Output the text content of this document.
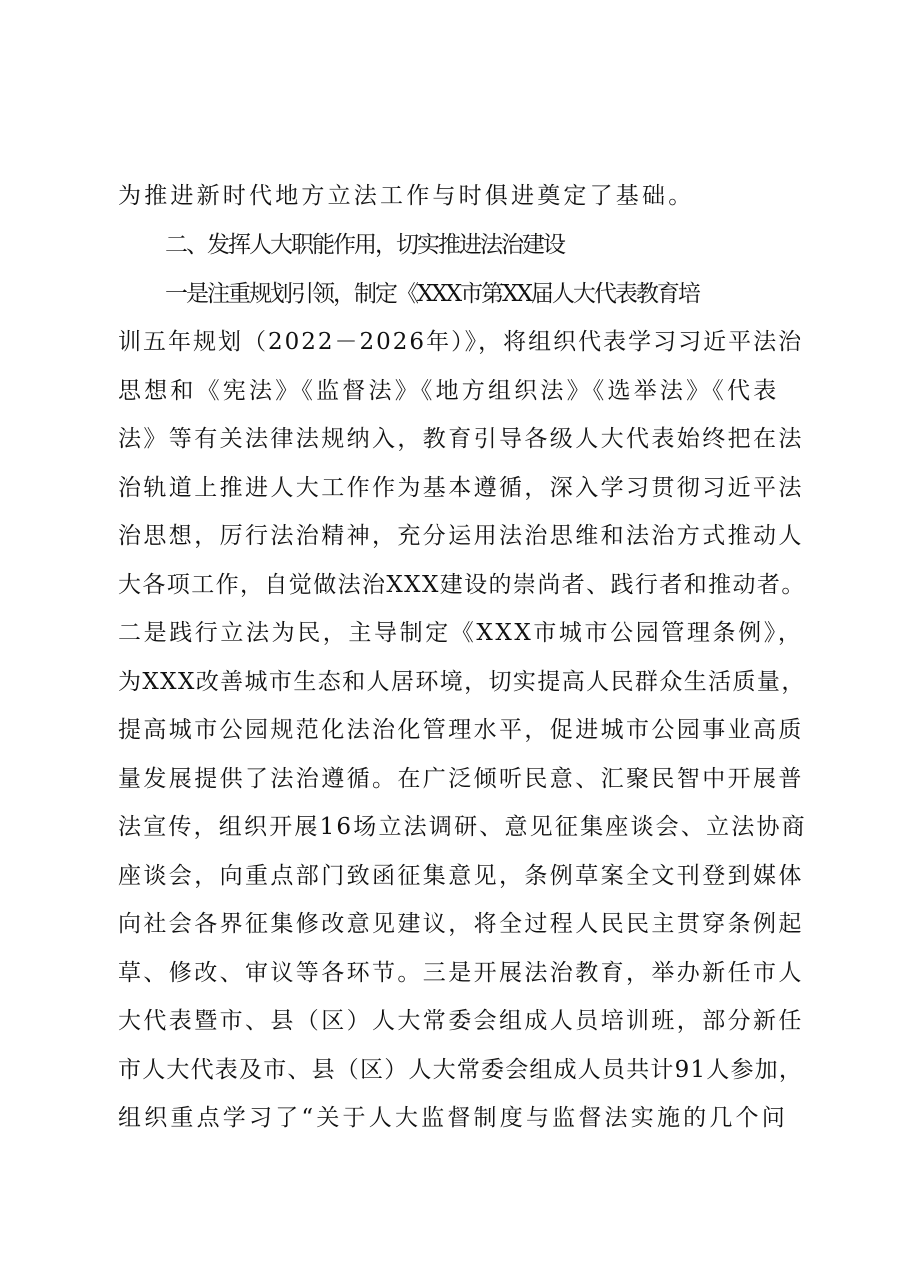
为推进新时代地方立法工作与时俱进奠定了基础。
二、发挥人大职能作用，切实推进法治建设
一是注重规划引领，制定《XXX市第XX届人大代表教育培
训五年规划（2022－2026年）》，将组织代表学习习近平法治
思想和《宪法》《监督法》《地方组织法》《选举法》《代表
法》等有关法律法规纳入，教育引导各级人大代表始终把在法
治轨道上推进人大工作作为基本遵循，深入学习贯彻习近平法
治思想，厉行法治精神，充分运用法治思维和法治方式推动人
大各项工作，自觉做法治XXX建设的崇尚者、践行者和推动者。
二是践行立法为民，主导制定《XXX市城市公园管理条例》，
为XXX改善城市生态和人居环境，切实提高人民群众生活质量，
提高城市公园规范化法治化管理水平，促进城市公园事业高质
量发展提供了法治遵循。在广泛倾听民意、汇聚民智中开展普
法宣传，组织开展16场立法调研、意见征集座谈会、立法协商
座谈会，向重点部门致函征集意见，条例草案全文刊登到媒体
向社会各界征集修改意见建议，将全过程人民民主贯穿条例起
草、修改、审议等各环节。三是开展法治教育，举办新任市人
大代表暨市、县（区）人大常委会组成人员培训班，部分新任
市人大代表及市、县（区）人大常委会组成人员共计91人参加，
组织重点学习了“关于人大监督制度与监督法实施的几个问
